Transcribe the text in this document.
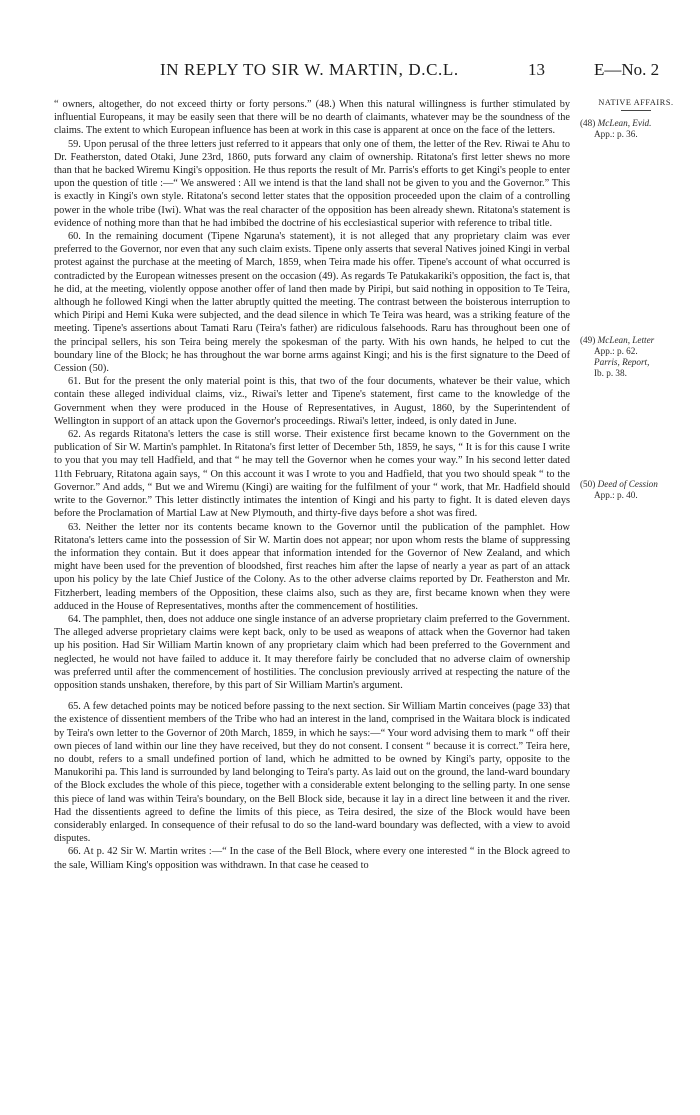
IN REPLY TO SIR W. MARTIN, D.C.L.	13	E—No. 2
NATIVE AFFAIRS.
(48) McLean, Evid.
App.: p. 36.
(49) McLean, Letter
App.: p. 62.
Parris, Report,
Ib. p. 38.
(50) Deed of Cession
App.: p. 40.

“ owners, altogether, do not exceed thirty or forty persons.” (48.) When this natural willingness is further stimulated by influential Europeans, it may be easily seen that there will be no dearth of claimants, whatever may be the soundness of the claims. The extent to which European influence has been at work in this case is apparent at once on the face of the letters.

59. Upon perusal of the three letters just referred to it appears that only one of them, the letter of the Rev. Riwai te Ahu to Dr. Featherston, dated Otaki, June 23rd, 1860, puts forward any claim of ownership. Ritatona's first letter shews no more than that he backed Wiremu Kingi's opposition. He thus reports the result of Mr. Parris's efforts to get Kingi's people to enter upon the question of title :—“ We answered : All we intend is that the land shall not be given to you and the Governor.” This is exactly in Kingi's own style. Ritatona's second letter states that the opposition proceeded upon the claim of a controlling power in the whole tribe (Iwi). What was the real character of the opposition has been already shewn. Ritatona's statement is evidence of nothing more than that he had imbibed the doctrine of his ecclesiastical superior with reference to tribal title.

60. In the remaining document (Tipene Ngaruna's statement), it is not alleged that any proprietary claim was ever preferred to the Governor, nor even that any such claim exists. Tipene only asserts that several Natives joined Kingi in verbal protest against the purchase at the meeting of March, 1859, when Teira made his offer. Tipene's account of what occurred is contradicted by the European witnesses present on the occasion (49). As regards Te Patukakariki's opposition, the fact is, that he did, at the meeting, violently oppose another offer of land then made by Piripi, but said nothing in opposition to Te Teira, although he followed Kingi when the latter abruptly quitted the meeting. The contrast between the boisterous interruption to which Piripi and Hemi Kuka were subjected, and the dead silence in which Te Teira was heard, was a striking feature of the meeting. Tipene's assertions about Tamati Raru (Teira's father) are ridiculous falsehoods. Raru has throughout been one of the principal sellers, his son Teira being merely the spokesman of the party. With his own hands, he helped to cut the boundary line of the Block; he has throughout the war borne arms against Kingi; and his is the first signature to the Deed of Cession (50).

61. But for the present the only material point is this, that two of the four documents, whatever be their value, which contain these alleged individual claims, viz., Riwai's letter and Tipene's statement, first came to the knowledge of the Government when they were produced in the House of Representatives, in August, 1860, by the Superintendent of Wellington in support of an attack upon the Governor's proceedings. Riwai's letter, indeed, is only dated in June.

62. As regards Ritatona's letters the case is still worse. Their existence first became known to the Government on the publication of Sir W. Martin's pamphlet. In Ritatona's first letter of December 5th, 1859, he says, “ It is for this cause I write to you that you may tell Hadfield, and that “ he may tell the Governor when he comes your way.” In his second letter dated 11th February, Ritatona again says, “ On this account it was I wrote to you and Hadfield, that you two should speak “ to the Governor.” And adds, “ But we and Wiremu (Kingi) are waiting for the fulfilment of your “ work, that Mr. Hadfield should write to the Governor.” This letter distinctly intimates the intention of Kingi and his party to fight. It is dated eleven days before the Proclamation of Martial Law at New Plymouth, and thirty-five days before a shot was fired.

63. Neither the letter nor its contents became known to the Governor until the publication of the pamphlet. How Ritatona's letters came into the possession of Sir W. Martin does not appear; nor upon whom rests the blame of suppressing the information they contain. But it does appear that information intended for the Governor of New Zealand, and which might have been used for the prevention of bloodshed, first reaches him after the lapse of nearly a year as part of an attack upon his policy by the late Chief Justice of the Colony. As to the other adverse claims reported by Dr. Featherston and Mr. Fitzherbert, leading members of the Opposition, these claims also, such as they are, first became known when they were adduced in the House of Representatives, months after the commencement of hostilities.

64. The pamphlet, then, does not adduce one single instance of an adverse proprietary claim preferred to the Government. The alleged adverse proprietary claims were kept back, only to be used as weapons of attack when the Governor had taken up his position. Had Sir William Martin known of any proprietary claim which had been preferred to the Government and neglected, he would not have failed to adduce it. It may therefore fairly be concluded that no adverse claim of ownership was preferred until after the commencement of hostilities. The conclusion previously arrived at respecting the nature of the opposition stands unshaken, therefore, by this part of Sir William Martin's argument.

65. A few detached points may be noticed before passing to the next section. Sir William Martin conceives (page 33) that the existence of dissentient members of the Tribe who had an interest in the land, comprised in the Waitara block is indicated by Teira's own letter to the Governor of 20th March, 1859, in which he says:—“ Your word advising them to mark “ off their own pieces of land within our line they have received, but they do not consent. I consent “ because it is correct.” Teira here, no doubt, refers to a small undefined portion of land, which he admitted to be owned by Kingi's party, opposite to the Manukorihi pa. This land is surrounded by land belonging to Teira's party. As laid out on the ground, the land-ward boundary of the Block excludes the whole of this piece, together with a considerable extent belonging to the selling party. In one sense this piece of land was within Teira's boundary, on the Bell Block side, because it lay in a direct line between it and the river. Had the dissentients agreed to define the limits of this piece, as Teira desired, the size of the Block would have been considerably enlarged. In consequence of their refusal to do so the land-ward boundary was deflected, with a view to avoid disputes.

66. At p. 42 Sir W. Martin writes :—“ In the case of the Bell Block, where every one interested “ in the Block agreed to the sale, William King's opposition was withdrawn. In that case he ceased to
